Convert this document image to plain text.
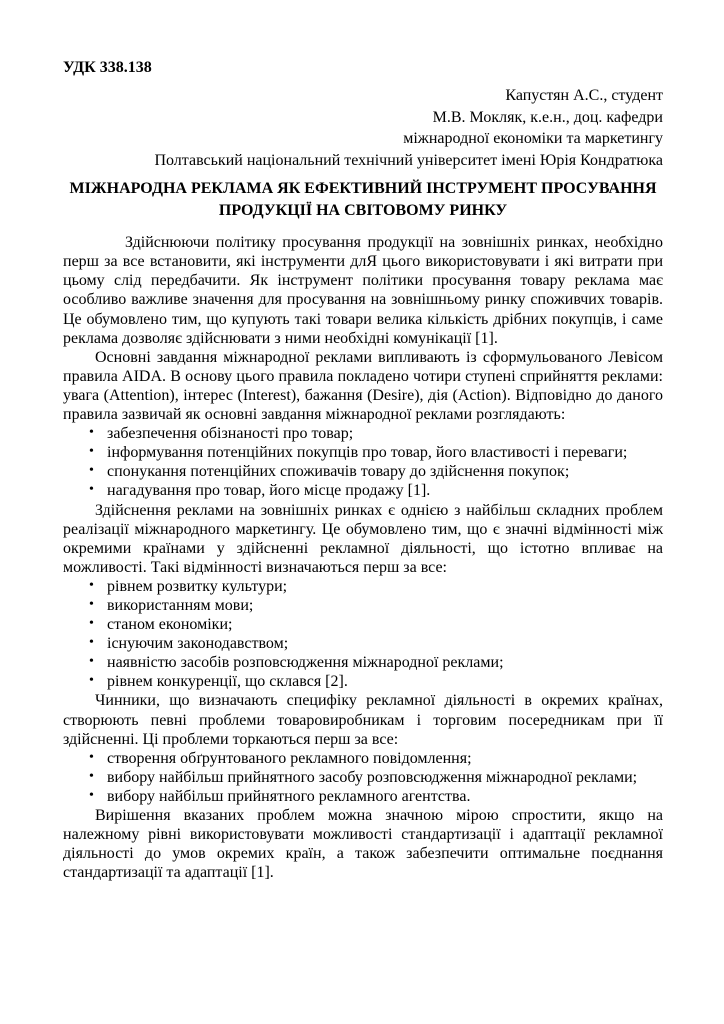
УДК 338.138
Капустян А.С., студент
М.В. Мокляк, к.е.н., доц. кафедри
міжнародної економіки та маркетингу
Полтавський національний технічний університет імені Юрія Кондратюка
МІЖНАРОДНА РЕКЛАМА ЯК ЕФЕКТИВНИЙ ІНСТРУМЕНТ ПРОСУВАННЯ ПРОДУКЦІЇ НА СВІТОВОМУ РИНКУ

Здійснюючи політику просування продукції на зовнішніх ринках, необхідно перш за все встановити, які інструменти длЯ цього використовувати і які витрати при цьому слід передбачити. Як інструмент політики просування товару реклама має особливо важливе значення для просування на зовнішньому ринку споживчих товарів. Це обумовлено тим, що купують такі товари велика кількість дрібних покупців, і саме реклама дозволяє здійснювати з ними необхідні комунікації [1].

Основні завдання міжнародної реклами випливають із сформульованого Левісом правила AIDA. В основу цього правила покладено чотири ступені сприйняття реклами: увага (Attention), інтерес (Interest), бажання (Desire), дія (Action). Відповідно до даного правила зазвичай як основні завдання міжнародної реклами розглядають:

• забезпечення обізнаності про товар;
• інформування потенційних покупців про товар, його властивості і переваги;
• спонукання потенційних споживачів товару до здійснення покупок;
• нагадування про товар, його місце продажу [1].

Здійснення реклами на зовнішніх ринках є однією з найбільш складних проблем реалізації міжнародного маркетингу. Це обумовлено тим, що є значні відмінності між окремими країнами у здійсненні рекламної діяльності, що істотно впливає на можливості. Такі відмінності визначаються перш за все:

• рівнем розвитку культури;
• використанням мови;
• станом економіки;
• існуючим законодавством;
• наявністю засобів розповсюдження міжнародної реклами;
• рівнем конкуренції, що склався [2].

Чинники, що визначають специфіку рекламної діяльності в окремих країнах, створюють певні проблеми товаровиробникам і торговим посередникам при її здійсненні. Ці проблеми торкаються перш за все:

• створення обґрунтованого рекламного повідомлення;
• вибору найбільш прийнятного засобу розповсюдження міжнародної реклами;
• вибору найбільш прийнятного рекламного агентства.

Вирішення вказаних проблем можна значною мірою спростити, якщо на належному рівні використовувати можливості стандартизації і адаптації рекламної діяльності до умов окремих країн, а також забезпечити оптимальне поєднання стандартизації та адаптації [1].
